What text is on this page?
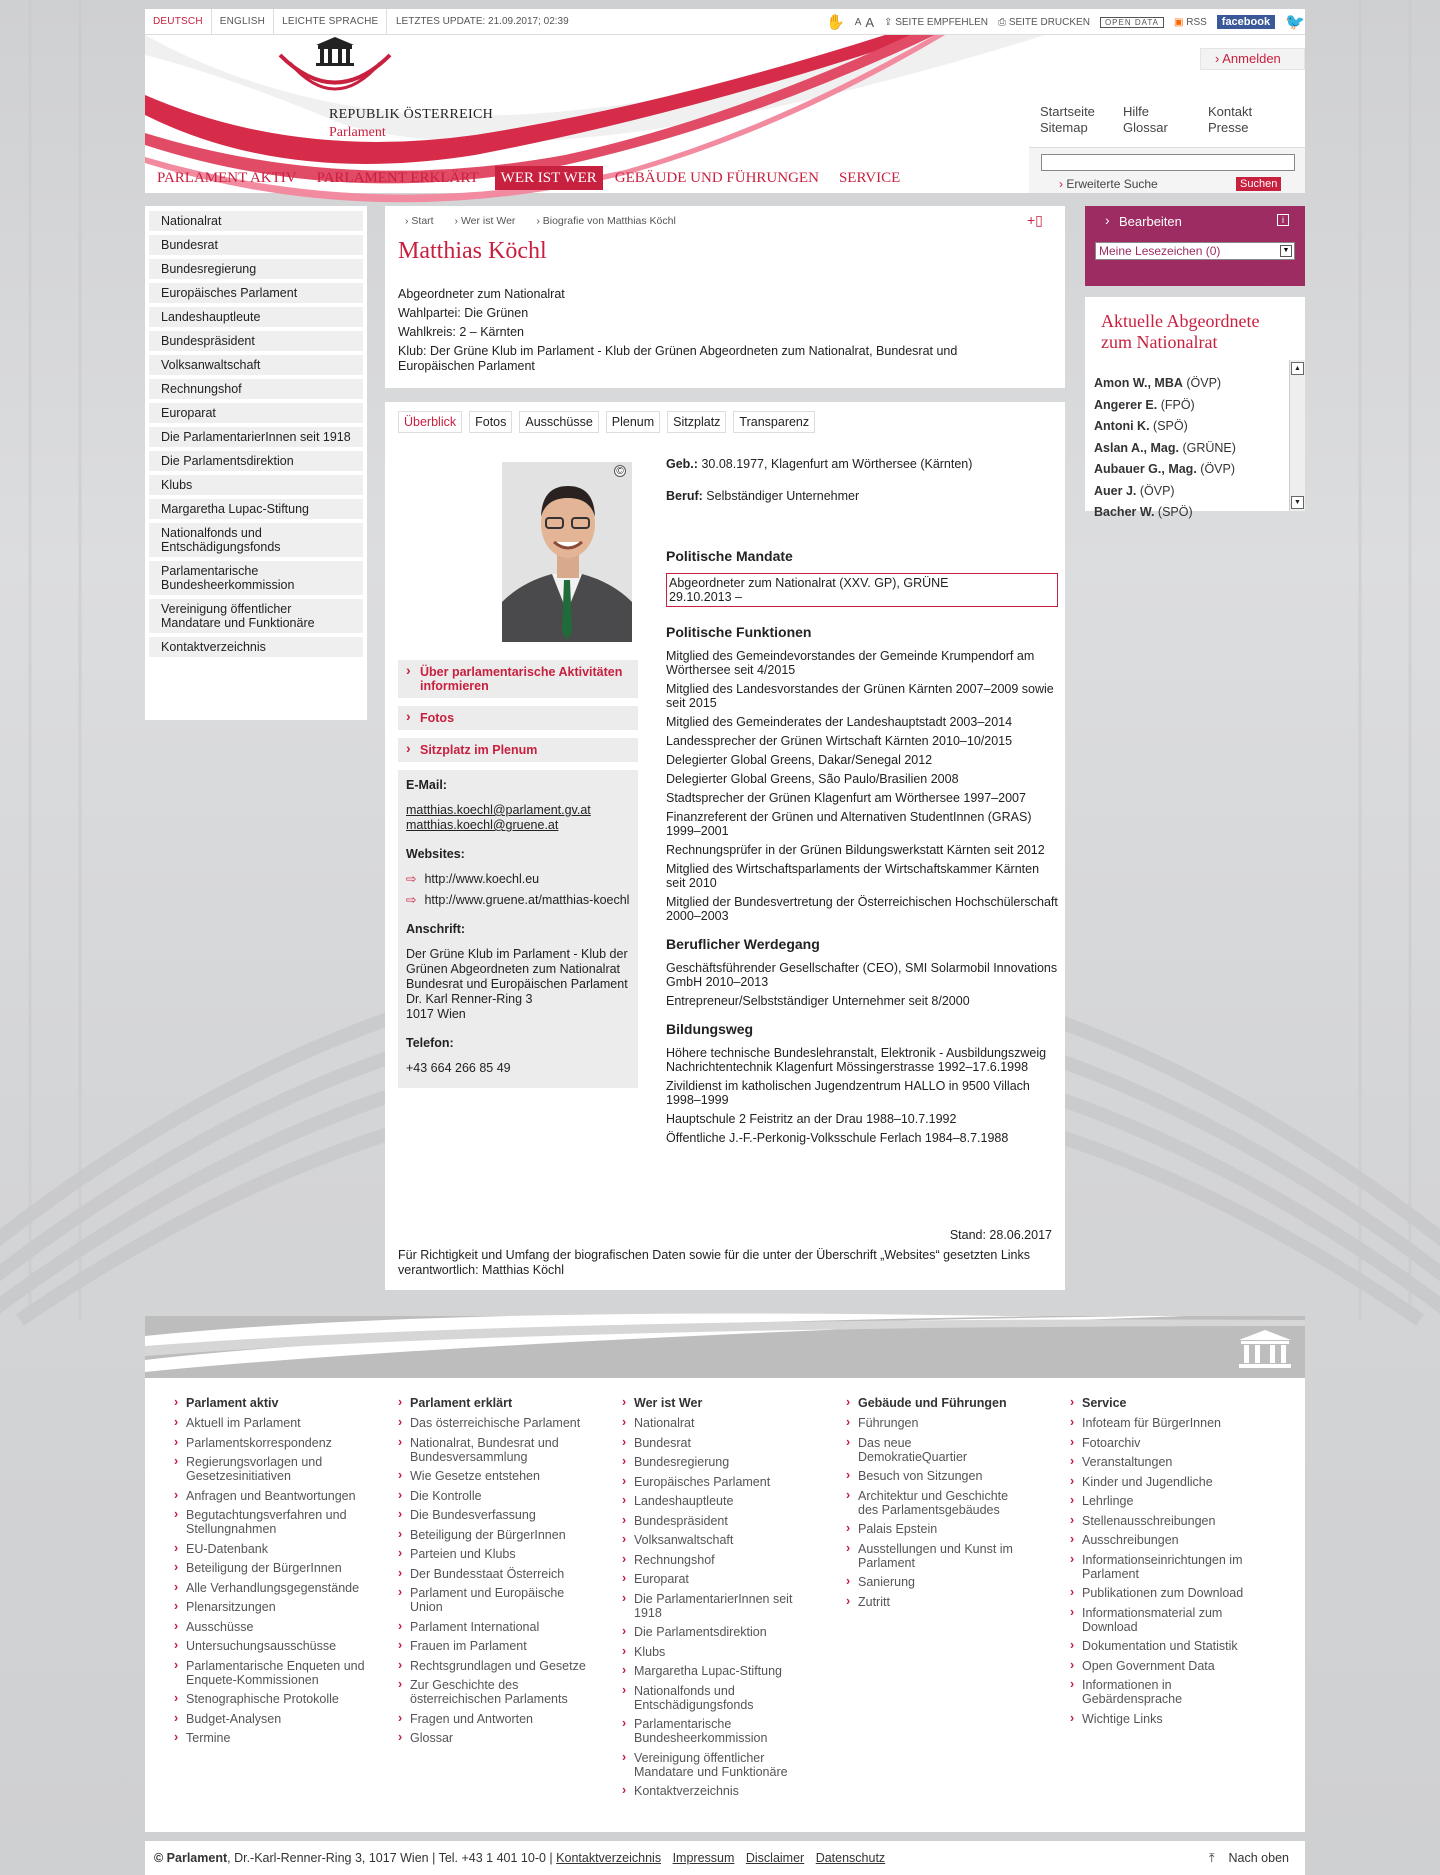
DEUTSCH	ENGLISH	LEICHTE SPRACHE	LETZTES UPDATE: 21.09.2017; 02:39	✋ A A ⇪ SEITE EMPFEHLEN ⎙ SEITE DRUCKEN	OPEN DATA	▣ RSS	facebook 🐦
REPUBLIK ÖSTERREICH
Parlament
› Anmelden
Startseite	Hilfe	Kontakt
Sitemap	Glossar	Presse
› Erweiterte Suche	Suchen
PARLAMENT AKTIV	PARLAMENT ERKLÄRT	WER IST WER	GEBÄUDE UND FÜHRUNGEN	SERVICE
Nationalrat
Bundesrat
Bundesregierung
Europäisches Parlament
Landeshauptleute
Bundespräsident
Volksanwaltschaft
Rechnungshof
Europarat
Die ParlamentarierInnen seit 1918
Die Parlamentsdirektion
Klubs
Margaretha Lupac-Stiftung
Nationalfonds und Entschädigungsfonds
Parlamentarische Bundesheerkommission
Vereinigung öffentlicher Mandatare und Funktionäre
Kontaktverzeichnis
› Start › Wer ist Wer › Biografie von Matthias Köchl	+▯
Matthias Köchl
Abgeordneter zum Nationalrat
Wahlpartei: Die Grünen
Wahlkreis: 2 – Kärnten
Klub: Der Grüne Klub im Parlament - Klub der Grünen Abgeordneten zum Nationalrat, Bundesrat und Europäischen Parlament
Überblick	Fotos	Ausschüsse	Plenum	Sitzplatz	Transparenz
©
› Über parlamentarische Aktivitäten informieren
› Fotos
› Sitzplatz im Plenum
E-Mail:
matthias.koechl@parlament.gv.at
matthias.koechl@gruene.at
Websites:
⇨ http://www.koechl.eu
⇨ http://www.gruene.at/matthias-koechl
Anschrift:
Der Grüne Klub im Parlament - Klub der Grünen Abgeordneten zum Nationalrat Bundesrat und Europäischen Parlament
Dr. Karl Renner-Ring 3
1017 Wien
Telefon:
+43 664 266 85 49

Geb.: 30.08.1977, Klagenfurt am Wörthersee (Kärnten)

Beruf: Selbständiger Unternehmer

Politische Mandate
Abgeordneter zum Nationalrat (XXV. GP), GRÜNE
29.10.2013 –
Politische Funktionen

Mitglied des Gemeindevorstandes der Gemeinde Krumpendorf am Wörthersee seit 4/2015

Mitglied des Landesvorstandes der Grünen Kärnten 2007–2009 sowie seit 2015

Mitglied des Gemeinderates der Landeshauptstadt 2003–2014

Landessprecher der Grünen Wirtschaft Kärnten 2010–10/2015

Delegierter Global Greens, Dakar/Senegal 2012

Delegierter Global Greens, São Paulo/Brasilien 2008

Stadtsprecher der Grünen Klagenfurt am Wörthersee 1997–2007

Finanzreferent der Grünen und Alternativen StudentInnen (GRAS) 1999–2001

Rechnungsprüfer in der Grünen Bildungswerkstatt Kärnten seit 2012

Mitglied des Wirtschaftsparlaments der Wirtschaftskammer Kärnten seit 2010

Mitglied der Bundesvertretung der Österreichischen Hochschülerschaft 2000–2003

Beruflicher Werdegang

Geschäftsführender Gesellschafter (CEO), SMI Solarmobil Innovations GmbH 2010–2013

Entrepreneur/Selbstständiger Unternehmer seit 8/2000

Bildungsweg

Höhere technische Bundeslehranstalt, Elektronik - Ausbildungszweig Nachrichtentechnik Klagenfurt Mössingerstrasse 1992–17.6.1998

Zivildienst im katholischen Jugendzentrum HALLO in 9500 Villach 1998–1999

Hauptschule 2 Feistritz an der Drau 1988–10.7.1992

Öffentliche J.-F.-Perkonig-Volksschule Ferlach 1984–8.7.1988

Stand: 28.06.2017
Für Richtigkeit und Umfang der biografischen Daten sowie für die unter der Überschrift „Websites“ gesetzten Links verantwortlich: Matthias Köchl
› Bearbeiten	i
Meine Lesezeichen (0)	▼
Aktuelle Abgeordnete zum Nationalrat
Amon W., MBA (ÖVP)
Angerer E. (FPÖ)
Antoni K. (SPÖ)
Aslan A., Mag. (GRÜNE)
Aubauer G., Mag. (ÖVP)
Auer J. (ÖVP)
Bacher W. (SPÖ)
▲
▼
› Parlament aktiv
› Aktuell im Parlament
› Parlamentskorrespondenz
› Regierungsvorlagen und Gesetzesinitiativen
› Anfragen und Beantwortungen
› Begutachtungsverfahren und Stellungnahmen
› EU-Datenbank
› Beteiligung der BürgerInnen
› Alle Verhandlungsgegenstände
› Plenarsitzungen
› Ausschüsse
› Untersuchungsausschüsse
› Parlamentarische Enqueten und Enquete-Kommissionen
› Stenographische Protokolle
› Budget-Analysen
› Termine
› Parlament erklärt
› Das österreichische Parlament
› Nationalrat, Bundesrat und Bundesversammlung
› Wie Gesetze entstehen
› Die Kontrolle
› Die Bundesverfassung
› Beteiligung der BürgerInnen
› Parteien und Klubs
› Der Bundesstaat Österreich
› Parlament und Europäische Union
› Parlament International
› Frauen im Parlament
› Rechtsgrundlagen und Gesetze
› Zur Geschichte des österreichischen Parlaments
› Fragen und Antworten
› Glossar
› Wer ist Wer
› Nationalrat
› Bundesrat
› Bundesregierung
› Europäisches Parlament
› Landeshauptleute
› Bundespräsident
› Volksanwaltschaft
› Rechnungshof
› Europarat
› Die ParlamentarierInnen seit 1918
› Die Parlamentsdirektion
› Klubs
› Margaretha Lupac-Stiftung
› Nationalfonds und Entschädigungsfonds
› Parlamentarische Bundesheerkommission
› Vereinigung öffentlicher Mandatare und Funktionäre
› Kontaktverzeichnis
› Gebäude und Führungen
› Führungen
› Das neue DemokratieQuartier
› Besuch von Sitzungen
› Architektur und Geschichte des Parlamentsgebäudes
› Palais Epstein
› Ausstellungen und Kunst im Parlament
› Sanierung
› Zutritt
› Service
› Infoteam für BürgerInnen
› Fotoarchiv
› Veranstaltungen
› Kinder und Jugendliche
› Lehrlinge
› Stellenausschreibungen
› Ausschreibungen
› Informationseinrichtungen im Parlament
› Publikationen zum Download
› Informationsmaterial zum Download
› Dokumentation und Statistik
› Open Government Data
› Informationen in Gebärdensprache
› Wichtige Links
© Parlament, Dr.-Karl-Renner-Ring 3, 1017 Wien | Tel. +43 1 401 10-0 | Kontaktverzeichnis Impressum Disclaimer Datenschutz	⤒ Nach oben
